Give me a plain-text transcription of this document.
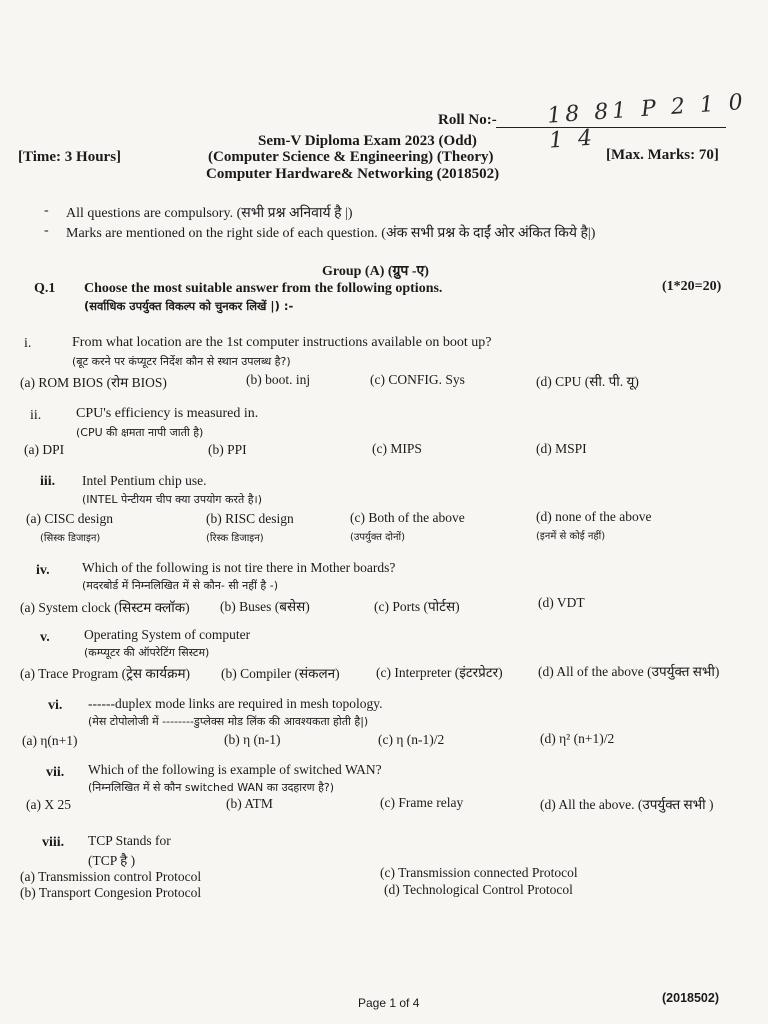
Roll No:- 18 81 P 2 1 0 1 4
Sem-V Diploma Exam 2023 (Odd)
[Time: 3 Hours]	(Computer Science & Engineering) (Theory)	[Max. Marks: 70]
Computer Hardware& Networking (2018502)
- All questions are compulsory. (सभी प्रश्न अनिवार्य है |)
- Marks are mentioned on the right side of each question. (अंक सभी प्रश्न के दाईं ओर अंकित किये है|)
Group (A) (ग्रुप -ए)
Q.1 Choose the most suitable answer from the following options.	(1*20=20)
(सर्वाधिक उपर्युक्त विकल्प को चुनकर लिखें |) :-
i.	From what location are the 1st computer instructions available on boot up?
(बूट करने पर कंप्यूटर निर्देश कौन से स्थान उपलब्ध है?)
(a) ROM BIOS (रोम BIOS)	(b) boot. inj	(c) CONFIG. Sys	(d) CPU (सी. पी. यू)
ii. CPU's efficiency is measured in.
(CPU की क्षमता नापी जाती है)
(a) DPI	(b) PPI	(c) MIPS	(d) MSPI
iii. Intel Pentium chip use.
(INTEL पेन्टीयम चीप क्या उपयोग करते है।)
(a) CISC design
(सिस्क डिजाइन)
(b) RISC design
(रिस्क डिजाइन)
(c) Both of the above
(उपर्युक्त दोनों)
(d) none of the above
(इनमें से कोई नहीं)
iv. Which of the following is not tire there in Mother boards?
(मदरबोर्ड में निम्नलिखित में से कौन- सी नहीं है -)
(a) System clock (सिस्टम क्लॉक) (b) Buses (बसेस)	(c) Ports (पोर्टस)	(d) VDT
v.	Operating System of computer
(कम्प्यूटर की ऑपरेटिंग सिस्टम)
(a) Trace Program (ट्रेस कार्यक्रम) (b) Compiler (संकलन)	(c) Interpreter (इंटरप्रेटर)	(d) All of the above (उपर्युक्त सभी)
vi. ------duplex mode links are required in mesh topology.
(मेस टोपोलोजी में --------डुप्लेक्स मोड लिंक की आवश्यकता होती है|)
(a) η(n+1)	(b) η (n-1)	(c) η (n-1)/2	(d) η² (n+1)/2
vii. Which of the following is example of switched WAN?
(निम्नलिखित में से कौन switched WAN का उदहारण है?)
(a) X 25	(b) ATM	(c) Frame relay	(d) All the above. (उपर्युक्त सभी )
viii. TCP Stands for
(TCP है )
(a) Transmission control Protocol
(b) Transport Congesion Protocol
(c) Transmission connected Protocol
(d) Technological Control Protocol
Page 1 of 4	(2018502)
